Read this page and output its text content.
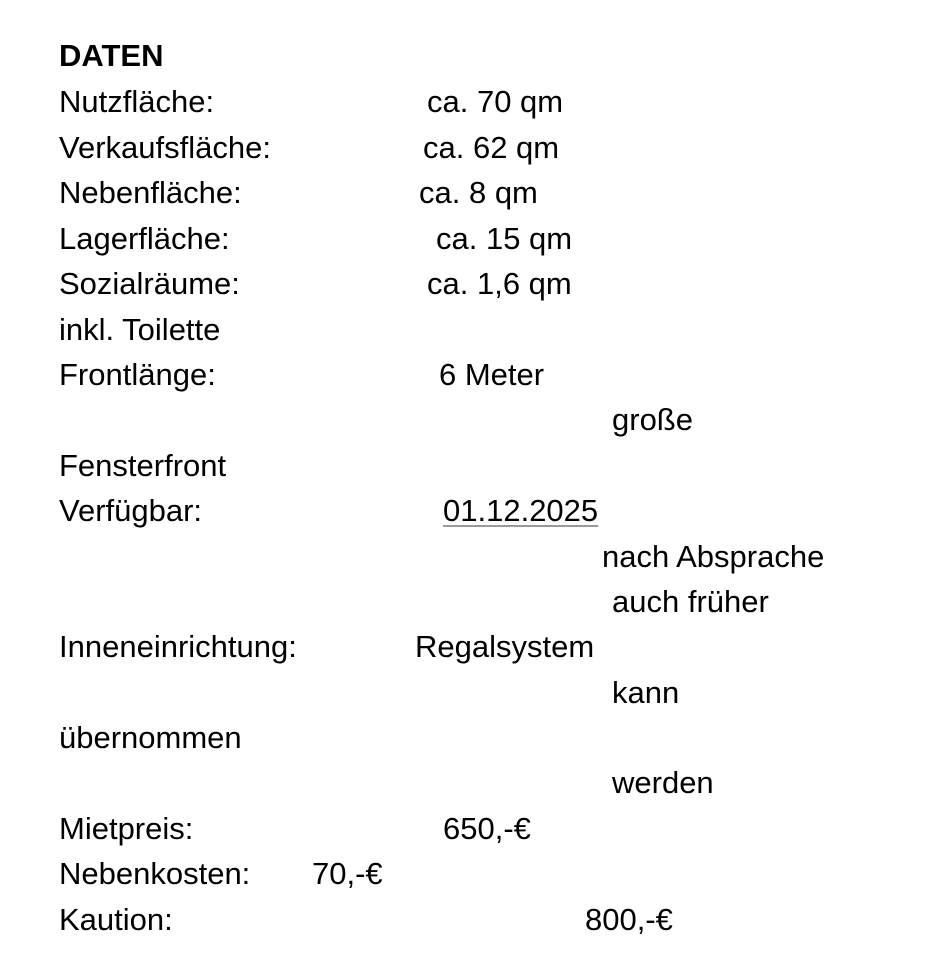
DATEN
Nutzfläche:	ca. 70 qm
Verkaufsfläche:	ca. 62 qm
Nebenfläche:	ca. 8 qm
Lagerfläche:	ca. 15 qm
Sozialräume:	ca. 1,6 qm
inkl. Toilette
Frontlänge:	6 Meter
große
Fensterfront
Verfügbar:	01.12.2025
nach Absprache
auch früher
Inneneinrichtung:	Regalsystem
kann
übernommen
werden
Mietpreis:	650,-€
Nebenkosten: 70,-€
Kaution:	800,-€
